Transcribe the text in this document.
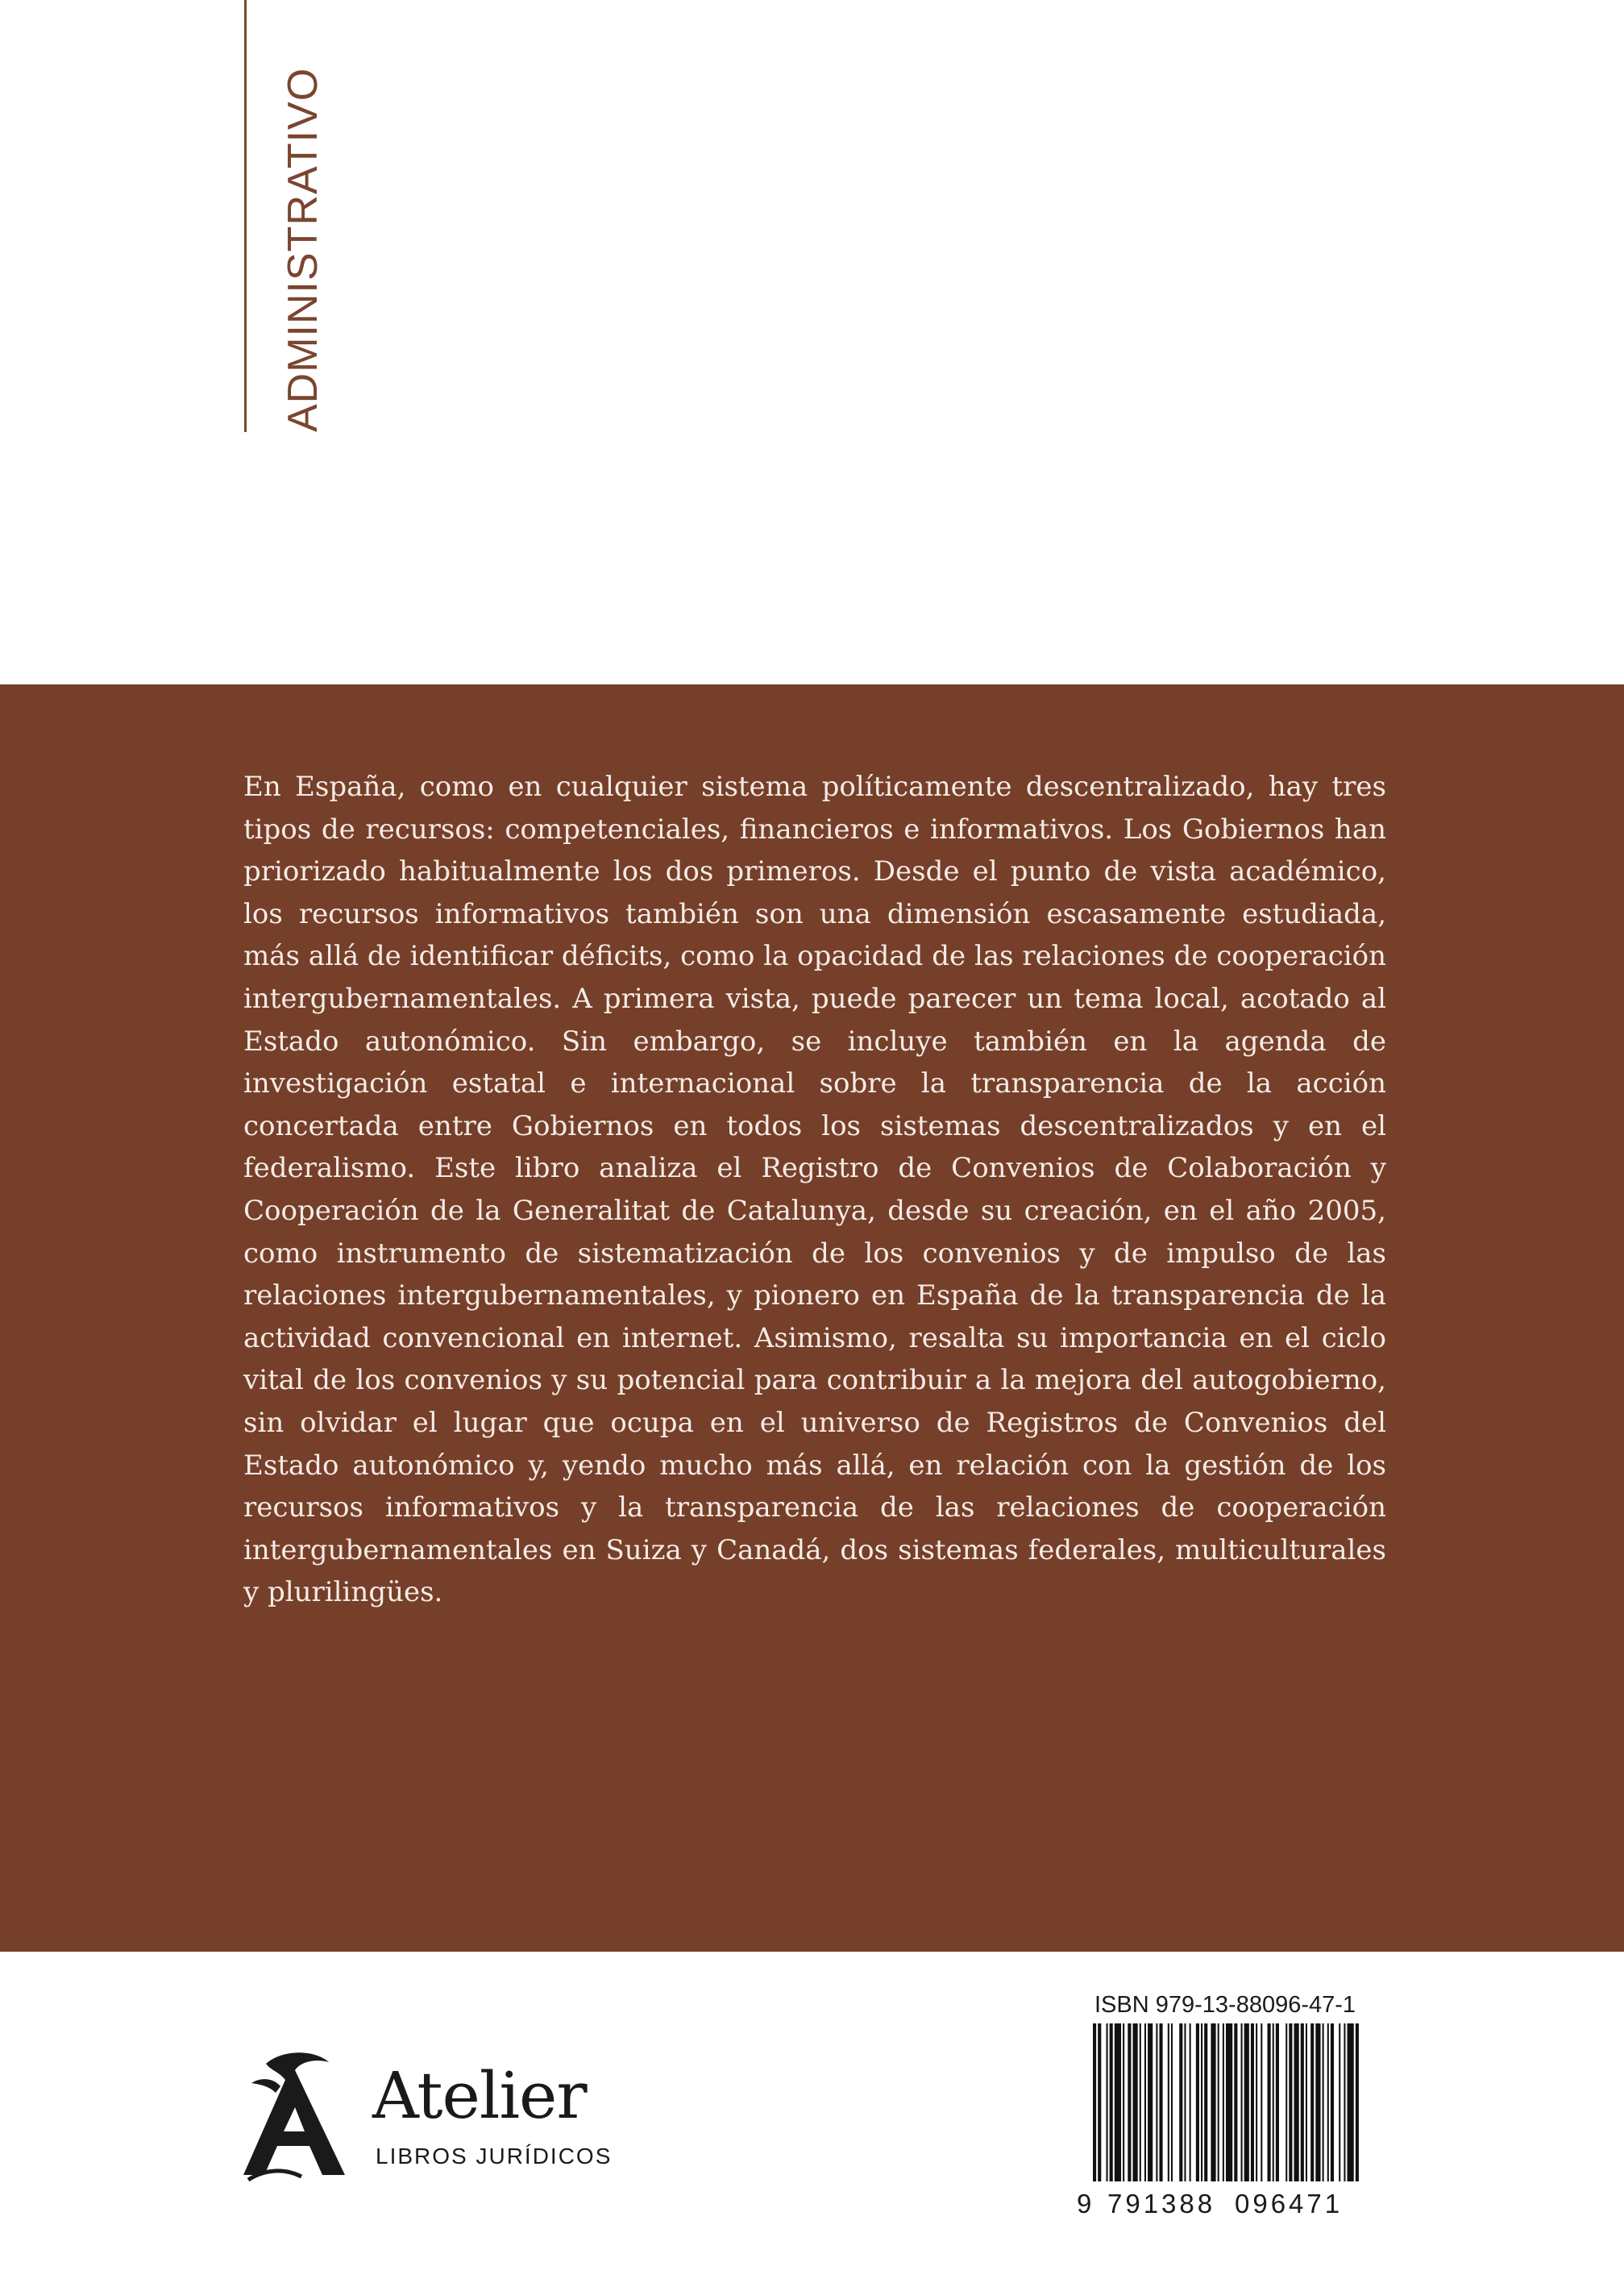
ADMINISTRATIVO

En España, como en cualquier sistema políticamente descentralizado, hay tres tipos de recursos: competenciales, financieros e informativos. Los Gobiernos han priorizado habitualmente los dos primeros. Desde el punto de vista académico, los recursos informativos también son una dimensión escasamente estudiada, más allá de identificar déficits, como la opacidad de las relaciones de cooperación intergubernamentales. A primera vista, puede parecer un tema local, acotado al Estado autonómico. Sin embargo, se incluye también en la agenda de investigación estatal e internacional sobre la transparencia de la acción concertada entre Gobiernos en todos los sistemas descentralizados y en el federalismo. Este libro analiza el Registro de Convenios de Colaboración y Cooperación de la Generalitat de Catalunya, desde su creación, en el año 2005, como instrumento de sistematización de los convenios y de impulso de las relaciones intergubernamentales, y pionero en España de la transparencia de la actividad convencional en internet. Asimismo, resalta su importancia en el ciclo vital de los convenios y su potencial para contribuir a la mejora del autogobierno, sin olvidar el lugar que ocupa en el universo de Registros de Convenios del Estado autonómico y, yendo mucho más allá, en relación con la gestión de los recursos informativos y la transparencia de las relaciones de cooperación intergubernamentales en Suiza y Canadá, dos sistemas federales, multiculturales y plurilingües.

Atelier
LIBROS JURÍDICOS
ISBN 979-13-88096-47-1
9 791388 096471
